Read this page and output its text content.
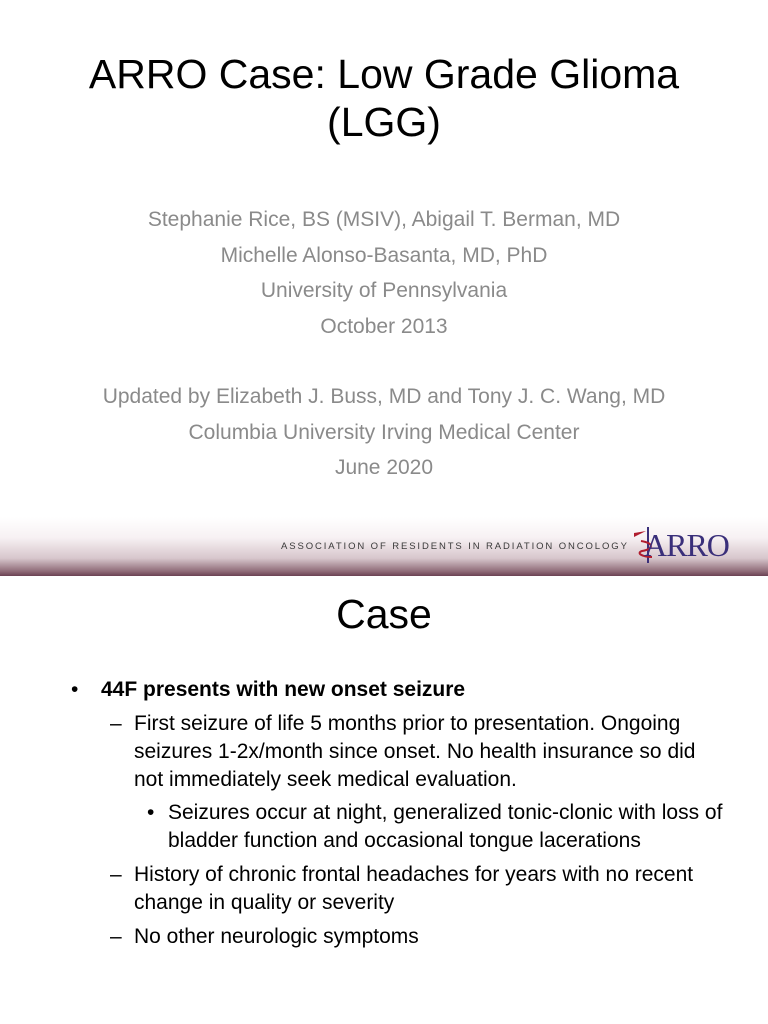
ARRO Case: Low Grade Glioma
(LGG)
Stephanie Rice, BS (MSIV), Abigail T. Berman, MD
Michelle Alonso-Basanta, MD, PhD
University of Pennsylvania
October 2013
Updated by Elizabeth J. Buss, MD and Tony J. C. Wang, MD
Columbia University Irving Medical Center
June 2020
ASSOCIATION OF RESIDENTS IN RADIATION ONCOLOGY ARRO
Case
• 44F presents with new onset seizure
– First seizure of life 5 months prior to presentation. Ongoing seizures 1-2x/month since onset. No health insurance so did not immediately seek medical evaluation.
• Seizures occur at night, generalized tonic-clonic with loss of bladder function and occasional tongue lacerations
– History of chronic frontal headaches for years with no recent change in quality or severity
– No other neurologic symptoms
